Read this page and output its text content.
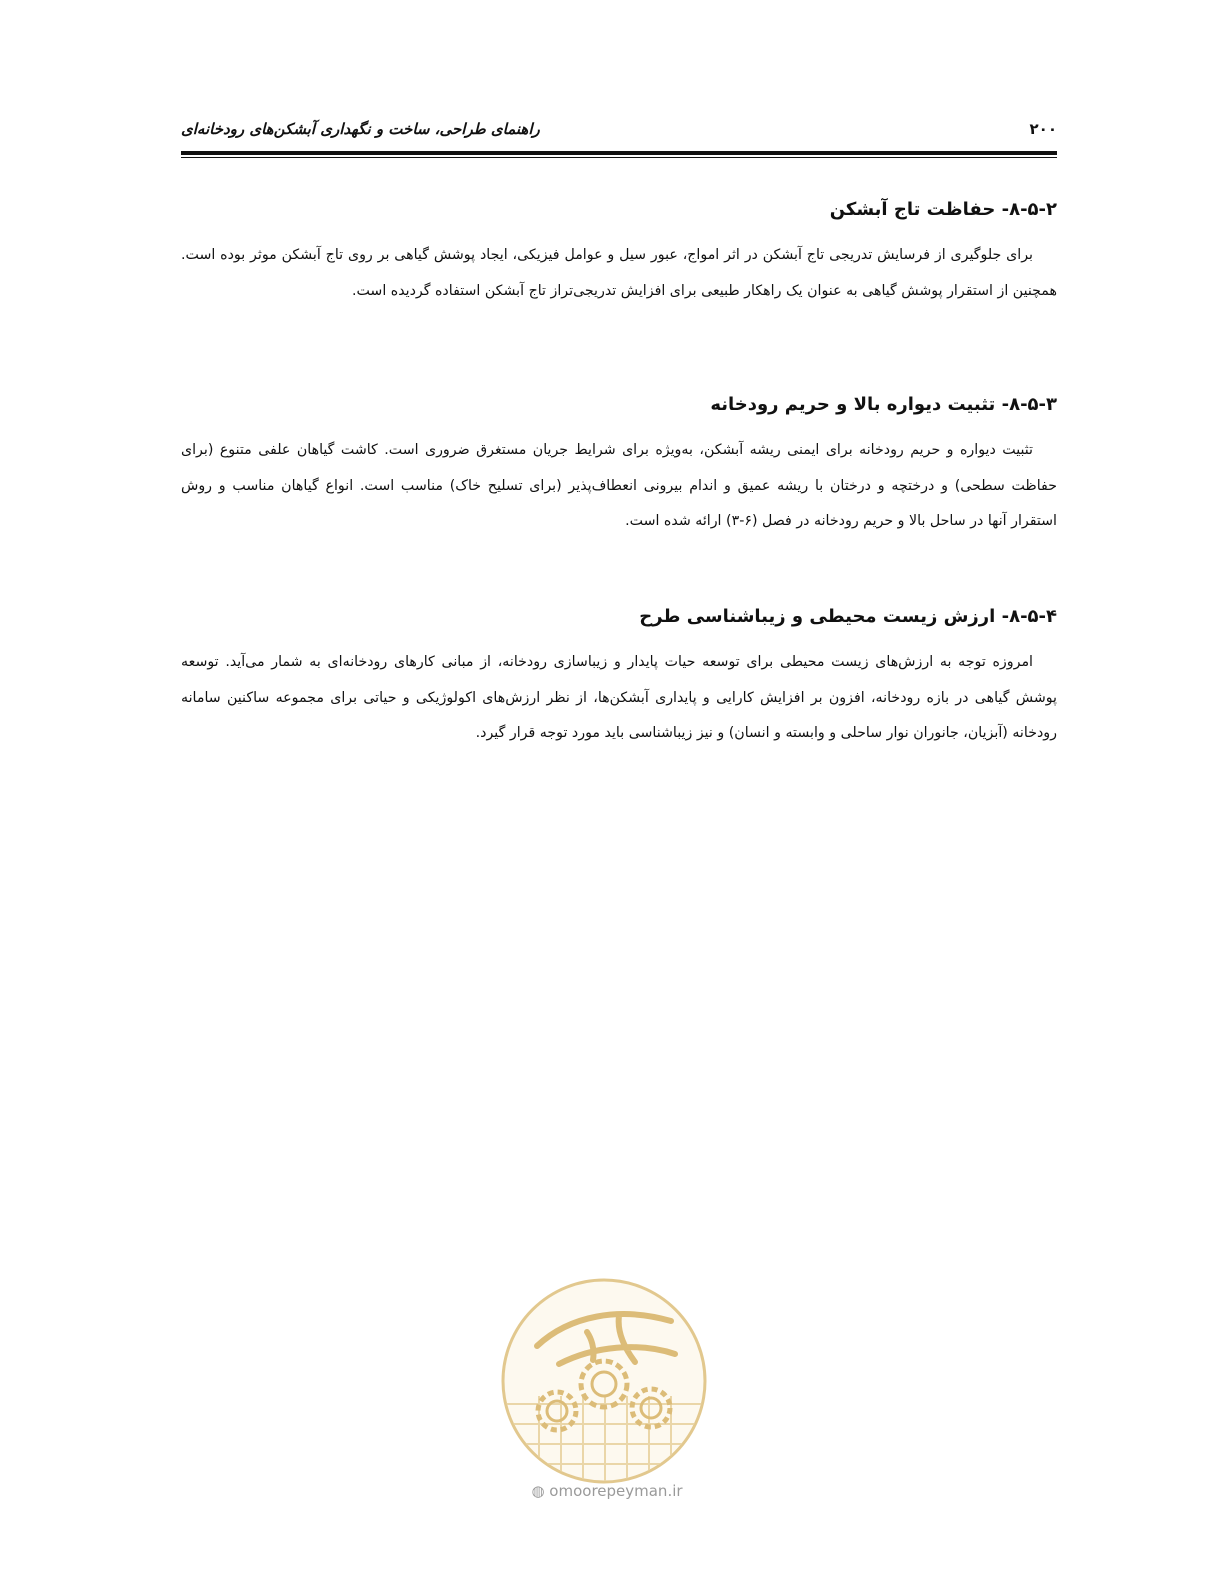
راهنمای طراحی، ساخت و نگهداری آبشکن‌های رودخانه‌ای	۲۰۰
۸-۵-۲- حفاظت تاج آبشکن

برای جلوگیری از فرسایش تدریجی تاج آبشکن در اثر امواج، عبور سیل و عوامل فیزیکی، ایجاد پوشش گیاهی بر روی تاج آبشکن موثر بوده است. همچنین از استقرار پوشش گیاهی به عنوان یک راهکار طبیعی برای افزایش تدریجی‌تراز تاج آبشکن استفاده گردیده است.

۸-۵-۳- تثبیت دیواره بالا و حریم رودخانه

تثبیت دیواره و حریم رودخانه برای ایمنی ریشه آبشکن، به‌ویژه برای شرایط جریان مستغرق ضروری است. کاشت گیاهان علفی متنوع (برای حفاظت سطحی) و درختچه و درختان با ریشه عمیق و اندام بیرونی انعطاف‌پذیر (برای تسلیح خاک) مناسب است. انواع گیاهان مناسب و روش استقرار آنها در ساحل بالا و حریم رودخانه در فصل (۶-۳) ارائه شده است.

۸-۵-۴- ارزش زیست محیطی و زیباشناسی طرح

امروزه توجه به ارزش‌های زیست محیطی برای توسعه حیات پایدار و زیباسازی رودخانه، از مبانی کارهای رودخانه‌ای به شمار می‌آید. توسعه پوشش گیاهی در بازه رودخانه، افزون بر افزایش کارایی و پایداری آبشکن‌ها، از نظر ارزش‌های اکولوژیکی و حیاتی برای مجموعه ساکنین سامانه رودخانه (آبزیان، جانوران نوار ساحلی و وابسته و انسان) و نیز زیباشناسی باید مورد توجه قرار گیرد.

◍ omoorepeyman.ir
